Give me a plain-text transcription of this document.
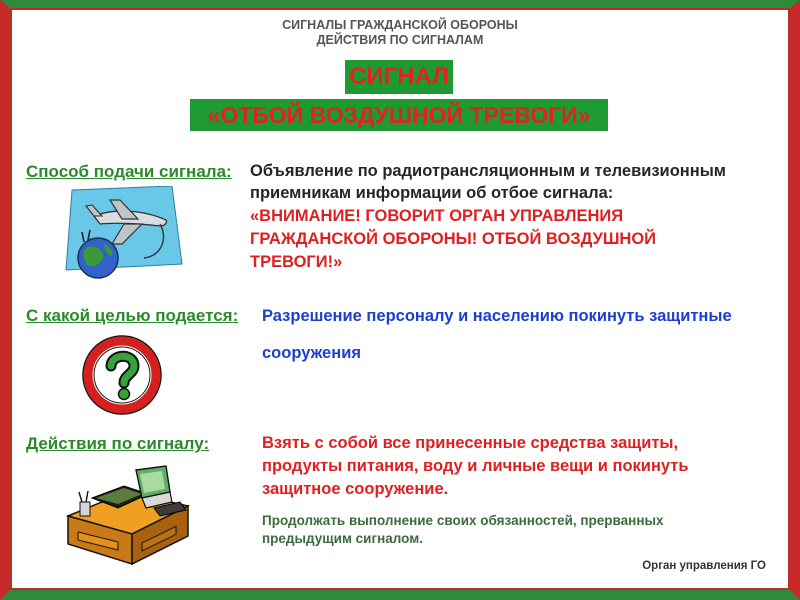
СИГНАЛЫ ГРАЖДАНСКОЙ ОБОРОНЫ
ДЕЙСТВИЯ ПО СИГНАЛАМ
СИГНАЛ
«ОТБОЙ ВОЗДУШНОЙ ТРЕВОГИ»
Способ подачи сигнала: Объявление по радиотрансляционным и телевизионным
приемникам информации об отбое сигнала:
«ВНИМАНИЕ! ГОВОРИТ ОРГАН УПРАВЛЕНИЯ
ГРАЖДАНСКОЙ ОБОРОНЫ! ОТБОЙ ВОЗДУШНОЙ
ТРЕВОГИ!»
С какой целью подается: Разрешение персоналу и населению покинуть защитные
сооружения
Действия по сигналу:	Взять с собой все принесенные средства защиты,
продукты питания, воду и личные вещи и покинуть
защитное сооружение.
Продолжать выполнение своих обязанностей, прерванных
предыдущим сигналом.
Орган управления ГО
